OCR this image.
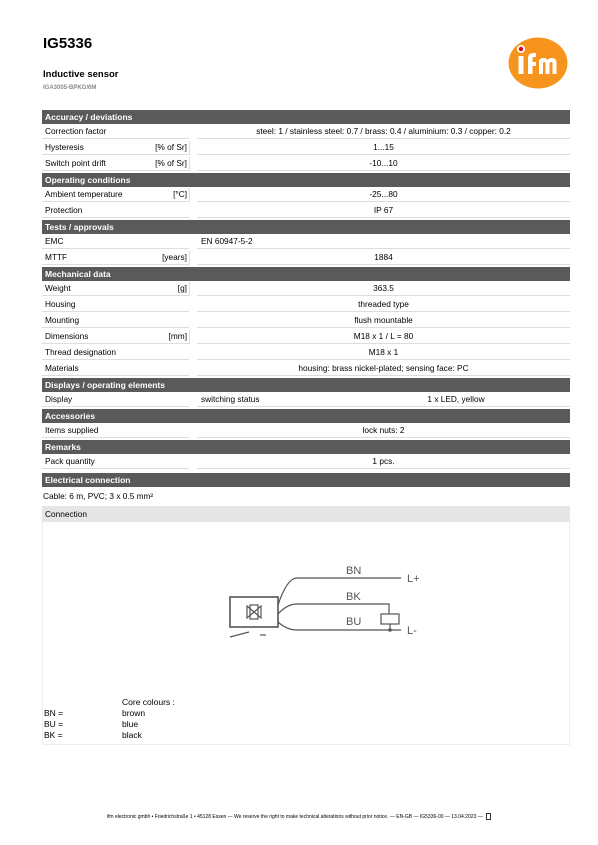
IG5336
Inductive sensor
IGA3005-BPKG/6M
Accuracy / deviations
Correction factor	steel: 1 / stainless steel: 0.7 / brass: 0.4 / aluminium: 0.3 / copper: 0.2
Hysteresis	[% of Sr]	1...15
Switch point drift	[% of Sr]	-10...10
Operating conditions
Ambient temperature	[°C]	-25...80
Protection	IP 67
Tests / approvals
EMC	EN 60947-5-2
MTTF	[years]	1884
Mechanical data
Weight	[g]	363.5
Housing	threaded type
Mounting	flush mountable
Dimensions	[mm]	M18 x 1 / L = 80
Thread designation	M18 x 1
Materials	housing: brass nickel-plated; sensing face: PC
Displays / operating elements
Display	switching status	1 x LED, yellow
Accessories
Items supplied	lock nuts: 2
Remarks
Pack quantity	1 pcs.
Electrical connection
Cable: 6 m, PVC; 3 x 0.5 mm²
Connection
BN
BK
BU
L+
L-
Core colours :
BN =	brown
BU =	blue
BK =	black
ifm electronic gmbh • Friedrichstraße 1 • 45128 Essen — We reserve the right to make technical alterations without prior notice. — EN-GB — IG5336-00 — 13.04.2023 —
